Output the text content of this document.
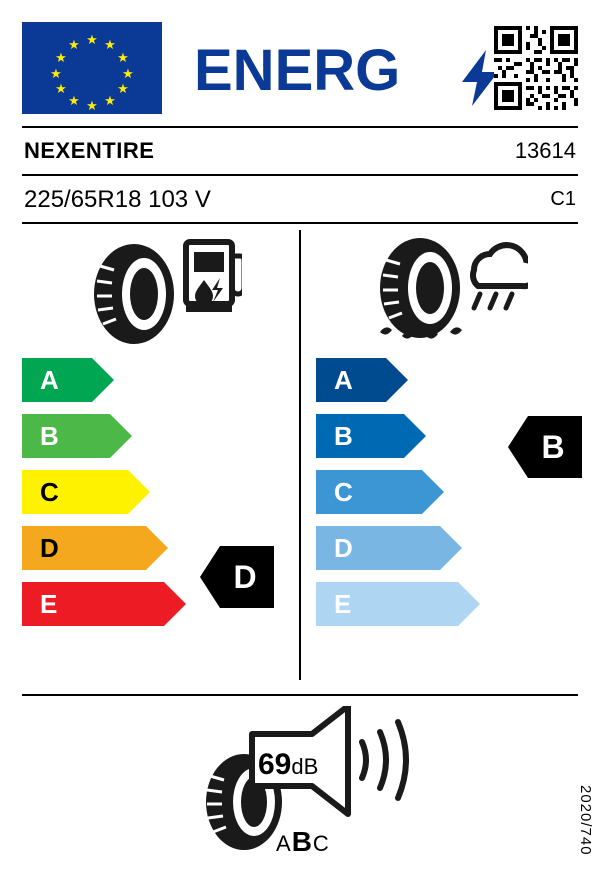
★
★ ★
★	★
★	★
★	★
★ ★
★
ENERG
NEXENTIRE	13614
225/65R18 103 V	C1
A
B
C
D
E
D
A
B
C
D
E
B
69dB
ABC	2020/740
